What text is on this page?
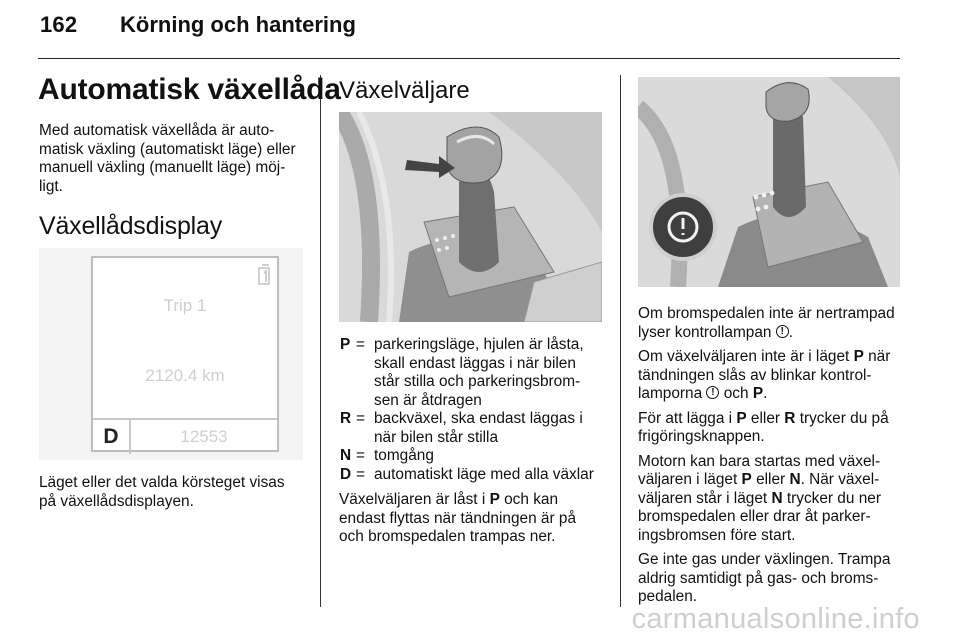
162 Körning och hantering
Automatisk växellåda

Med automatisk växellåda är auto-

matisk växling (automatiskt läge) eller

manuell växling (manuellt läge) möj-

ligt.

Växellådsdisplay
Trip 1
2120.4 km
D	12553

Läget eller det valda körsteget visas

på växellådsdisplayen.

Växelväljare
P = parkeringsläge, hjulen är låsta,
skall endast läggas i när bilen
står stilla och parkeringsbrom-
sen är åtdragen
R = backväxel, ska endast läggas i
när bilen står stilla
N = tomgång
D = automatiskt läge med alla växlar

Växelväljaren är låst i P och kan

endast flyttas när tändningen är på

och bromspedalen trampas ner.

Om bromspedalen inte är nertrampad

lyser kontrollampan !.

Om växelväljaren inte är i läget P när

tändningen slås av blinkar kontrol-

lamporna ! och P.

För att lägga i P eller R trycker du på

frigöringsknappen.

Motorn kan bara startas med växel-

väljaren i läget P eller N. När växel-

väljaren står i läget N trycker du ner

bromspedalen eller drar åt parker-

ingsbromsen före start.

Ge inte gas under växlingen. Trampa

aldrig samtidigt på gas- och broms-

pedalen.

carmanualsonline.info
